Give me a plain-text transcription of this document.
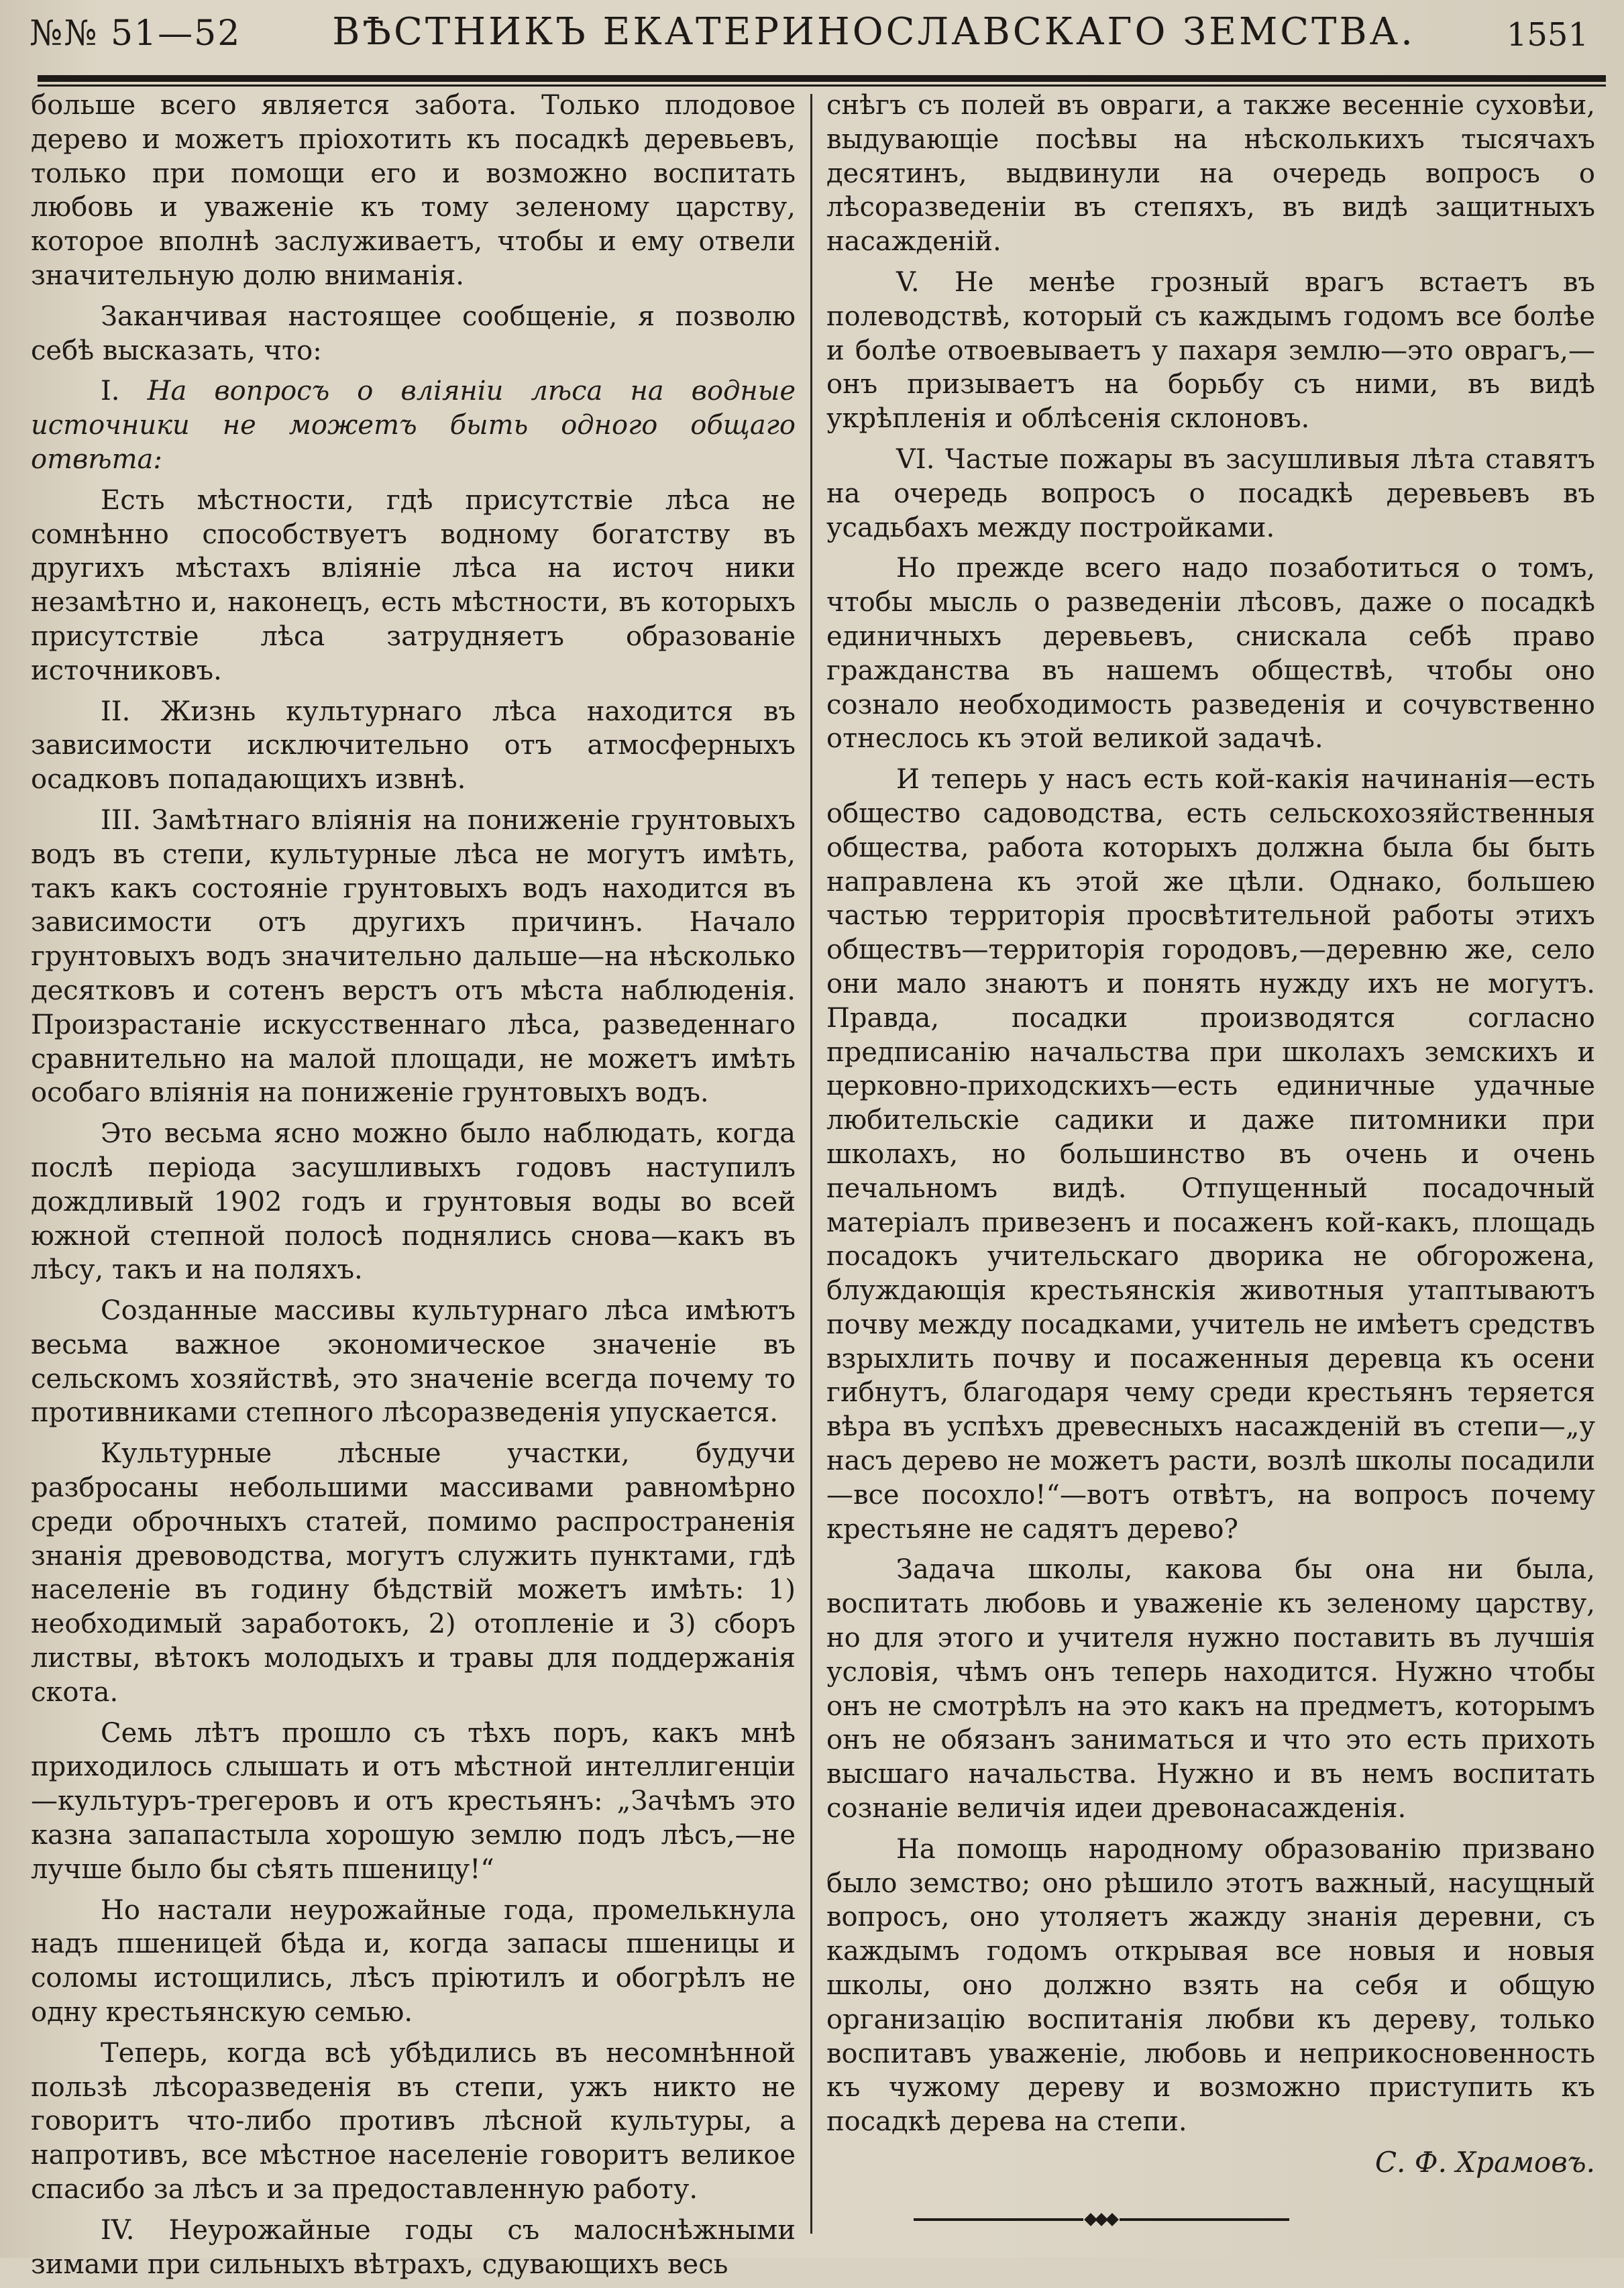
№№ 51—52 ВѢСТНИКЪ ЕКАТЕРИНОСЛАВСКАГО ЗЕМСТВА.	1551

больше всего является забота. Только плодовое дерево и можетъ пріохотить къ посадкѣ деревьевъ, только при помощи его и возможно воспитать любовь и уваженіе къ тому зеленому царству, которое вполнѣ заслуживаетъ, чтобы и ему отвели значительную долю вниманія.

Заканчивая настоящее сообщеніе, я позволю себѣ высказать, что:

I. На вопросъ о вліяніи лѣса на водные источники не можетъ быть одного общаго отвѣта:

Есть мѣстности, гдѣ присутствіе лѣса не сомнѣнно способствуетъ водному богатству въ другихъ мѣстахъ вліяніе лѣса на источ ники незамѣтно и, наконецъ, есть мѣстности, въ которыхъ присутствіе лѣса затрудняетъ образованіе источниковъ.

II. Жизнь культурнаго лѣса находится въ зависимости исключительно отъ атмосферныхъ осадковъ попадающихъ извнѣ.

III. Замѣтнаго вліянія на пониженіе грунтовыхъ водъ въ степи, культурные лѣса не могутъ имѣть, такъ какъ состояніе грунтовыхъ водъ находится въ зависимости отъ другихъ причинъ. Начало грунтовыхъ водъ значительно дальше—на нѣсколько десятковъ и сотенъ верстъ отъ мѣста наблюденія. Произрастаніе искусственнаго лѣса, разведеннаго сравнительно на малой площади, не можетъ имѣть особаго вліянія на пониженіе грунтовыхъ водъ.

Это весьма ясно можно было наблюдать, когда послѣ періода засушливыхъ годовъ наступилъ дождливый 1902 годъ и грунтовыя воды во всей южной степной полосѣ поднялись снова—какъ въ лѣсу, такъ и на поляхъ.

Созданные массивы культурнаго лѣса имѣютъ весьма важное экономическое значеніе въ сельскомъ хозяйствѣ, это значеніе всегда почему то противниками степного лѣсоразведенія упускается.

Культурные лѣсные участки, будучи разбросаны небольшими массивами равномѣрно среди оброчныхъ статей, помимо распространенія знанія древоводства, могутъ служить пунктами, гдѣ населеніе въ годину бѣдствій можетъ имѣть: 1) необходимый заработокъ, 2) отопленіе и 3) сборъ листвы, вѣтокъ молодыхъ и травы для поддержанія скота.

Семь лѣтъ прошло съ тѣхъ поръ, какъ мнѣ приходилось слышать и отъ мѣстной интеллигенціи—культуръ-трегеровъ и отъ крестьянъ: „Зачѣмъ это казна запапастыла хорошую землю подъ лѣсъ,—не лучше было бы сѣять пшеницу!“

Но настали неурожайные года, промелькнула надъ пшеницей бѣда и, когда запасы пшеницы и соломы истощились, лѣсъ пріютилъ и обогрѣлъ не одну крестьянскую семью.

Теперь, когда всѣ убѣдились въ несомнѣнной пользѣ лѣсоразведенія въ степи, ужъ никто не говоритъ что-либо противъ лѣсной культуры, а напротивъ, все мѣстное населеніе говоритъ великое спасибо за лѣсъ и за предоставленную работу.

IV. Неурожайные годы съ малоснѣжными зимами при сильныхъ вѣтрахъ, сдувающихъ весь

снѣгъ съ полей въ овраги, а также весенніе суховѣи, выдувающіе посѣвы на нѣсколькихъ тысячахъ десятинъ, выдвинули на очередь вопросъ о лѣсоразведеніи въ степяхъ, въ видѣ защитныхъ насажденій.

V. Не менѣе грозный врагъ встаетъ въ полеводствѣ, который съ каждымъ годомъ все болѣе и болѣе отвоевываетъ у пахаря землю—это оврагъ,—онъ призываетъ на борьбу съ ними, въ видѣ укрѣпленія и облѣсенія склоновъ.

VI. Частые пожары въ засушливыя лѣта ставятъ на очередь вопросъ о посадкѣ деревьевъ въ усадьбахъ между постройками.

Но прежде всего надо позаботиться о томъ, чтобы мысль о разведеніи лѣсовъ, даже о посадкѣ единичныхъ деревьевъ, снискала себѣ право гражданства въ нашемъ обществѣ, чтобы оно сознало необходимость разведенія и сочувственно отнеслось къ этой великой задачѣ.

И теперь у насъ есть кой-какія начинанія—есть общество садоводства, есть сельскохозяйственныя общества, работа которыхъ должна была бы быть направлена къ этой же цѣли. Однако, большею частью территорія просвѣтительной работы этихъ обществъ—территорія городовъ,—деревню же, село они мало знаютъ и понять нужду ихъ не могутъ. Правда, посадки производятся согласно предписанію начальства при школахъ земскихъ и церковно-приходскихъ—есть единичные удачные любительскіе садики и даже питомники при школахъ, но большинство въ очень и очень печальномъ видѣ. Отпущенный посадочный матеріалъ привезенъ и посаженъ кой-какъ, площадь посадокъ учительскаго дворика не обгорожена, блуждающія крестьянскія животныя утаптываютъ почву между посадками, учитель не имѣетъ средствъ взрыхлить почву и посаженныя деревца къ осени гибнутъ, благодаря чему среди крестьянъ теряется вѣра въ успѣхъ древесныхъ насажденій въ степи—„у насъ дерево не можетъ расти, возлѣ школы посадили—все посохло!“—вотъ отвѣтъ, на вопросъ почему крестьяне не садятъ дерево?

Задача школы, какова бы она ни была, воспитать любовь и уваженіе къ зеленому царству, но для этого и учителя нужно поставить въ лучшія условія, чѣмъ онъ теперь находится. Нужно чтобы онъ не смотрѣлъ на это какъ на предметъ, которымъ онъ не обязанъ заниматься и что это есть прихоть высшаго начальства. Нужно и въ немъ воспитать сознаніе величія идеи древонасажденія.

На помощь народному образованію призвано было земство; оно рѣшило этотъ важный, насущный вопросъ, оно утоляетъ жажду знанія деревни, съ каждымъ годомъ открывая все новыя и новыя школы, оно должно взять на себя и общую организацію воспитанія любви къ дереву, только воспитавъ уваженіе, любовь и неприкосновенность къ чужому дереву и возможно приступить къ посадкѣ дерева на степи.

С. Ф. Храмовъ.
